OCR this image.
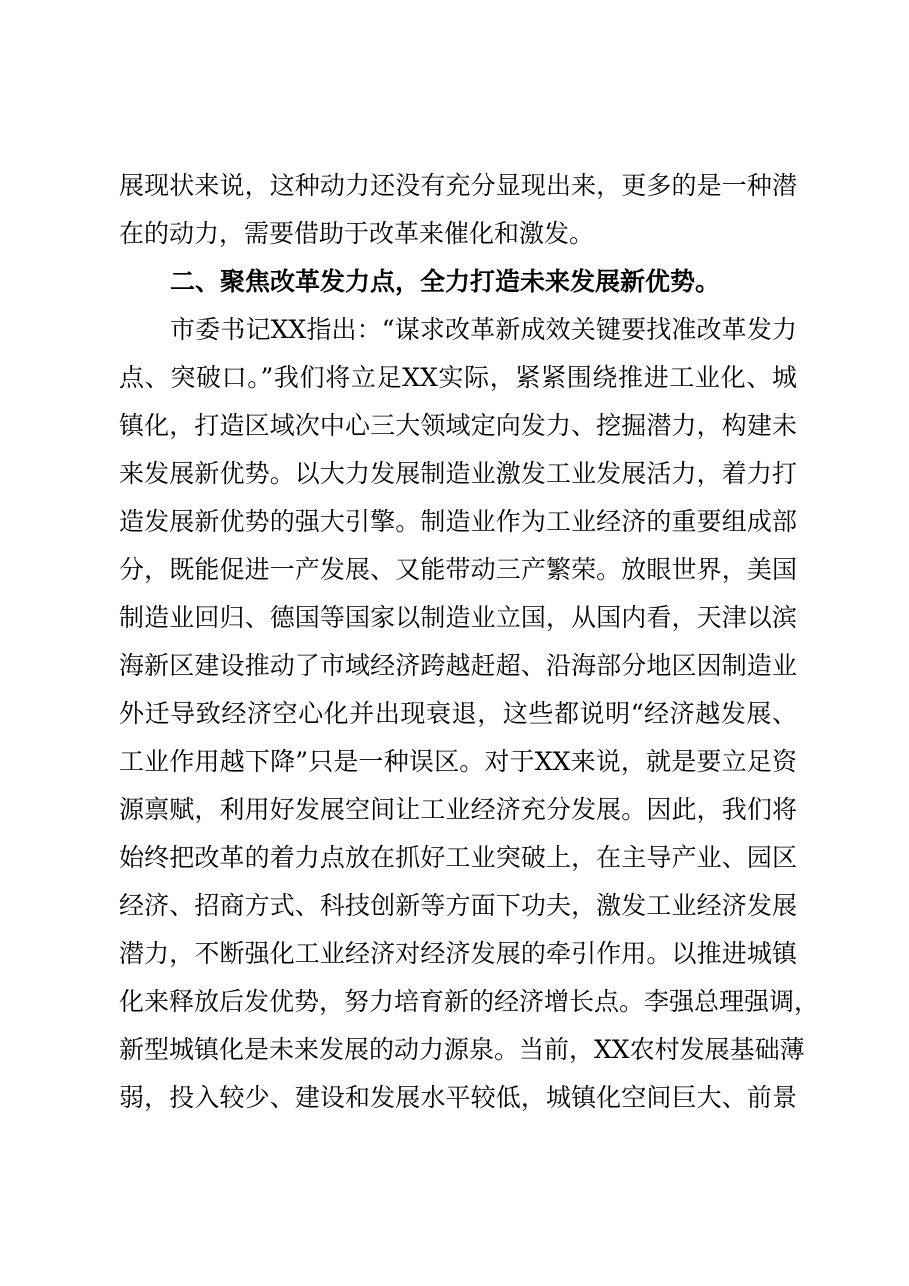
展现状来说，这种动力还没有充分显现出来，更多的是一种潜
在的动力，需要借助于改革来催化和激发。
二、聚焦改革发力点，全力打造未来发展新优势。
市委书记XX指出：“谋求改革新成效关键要找准改革发力
点、突破口。”我们将立足XX实际，紧紧围绕推进工业化、城
镇化，打造区域次中心三大领域定向发力、挖掘潜力，构建未
来发展新优势。以大力发展制造业激发工业发展活力，着力打
造发展新优势的强大引擎。制造业作为工业经济的重要组成部
分，既能促进一产发展、又能带动三产繁荣。放眼世界，美国
制造业回归、德国等国家以制造业立国，从国内看，天津以滨
海新区建设推动了市域经济跨越赶超、沿海部分地区因制造业
外迁导致经济空心化并出现衰退，这些都说明“经济越发展、
工业作用越下降”只是一种误区。对于XX来说，就是要立足资
源禀赋，利用好发展空间让工业经济充分发展。因此，我们将
始终把改革的着力点放在抓好工业突破上，在主导产业、园区
经济、招商方式、科技创新等方面下功夫，激发工业经济发展
潜力，不断强化工业经济对经济发展的牵引作用。以推进城镇
化来释放后发优势，努力培育新的经济增长点。李强总理强调，
新型城镇化是未来发展的动力源泉。当前，XX农村发展基础薄
弱，投入较少、建设和发展水平较低，城镇化空间巨大、前景
